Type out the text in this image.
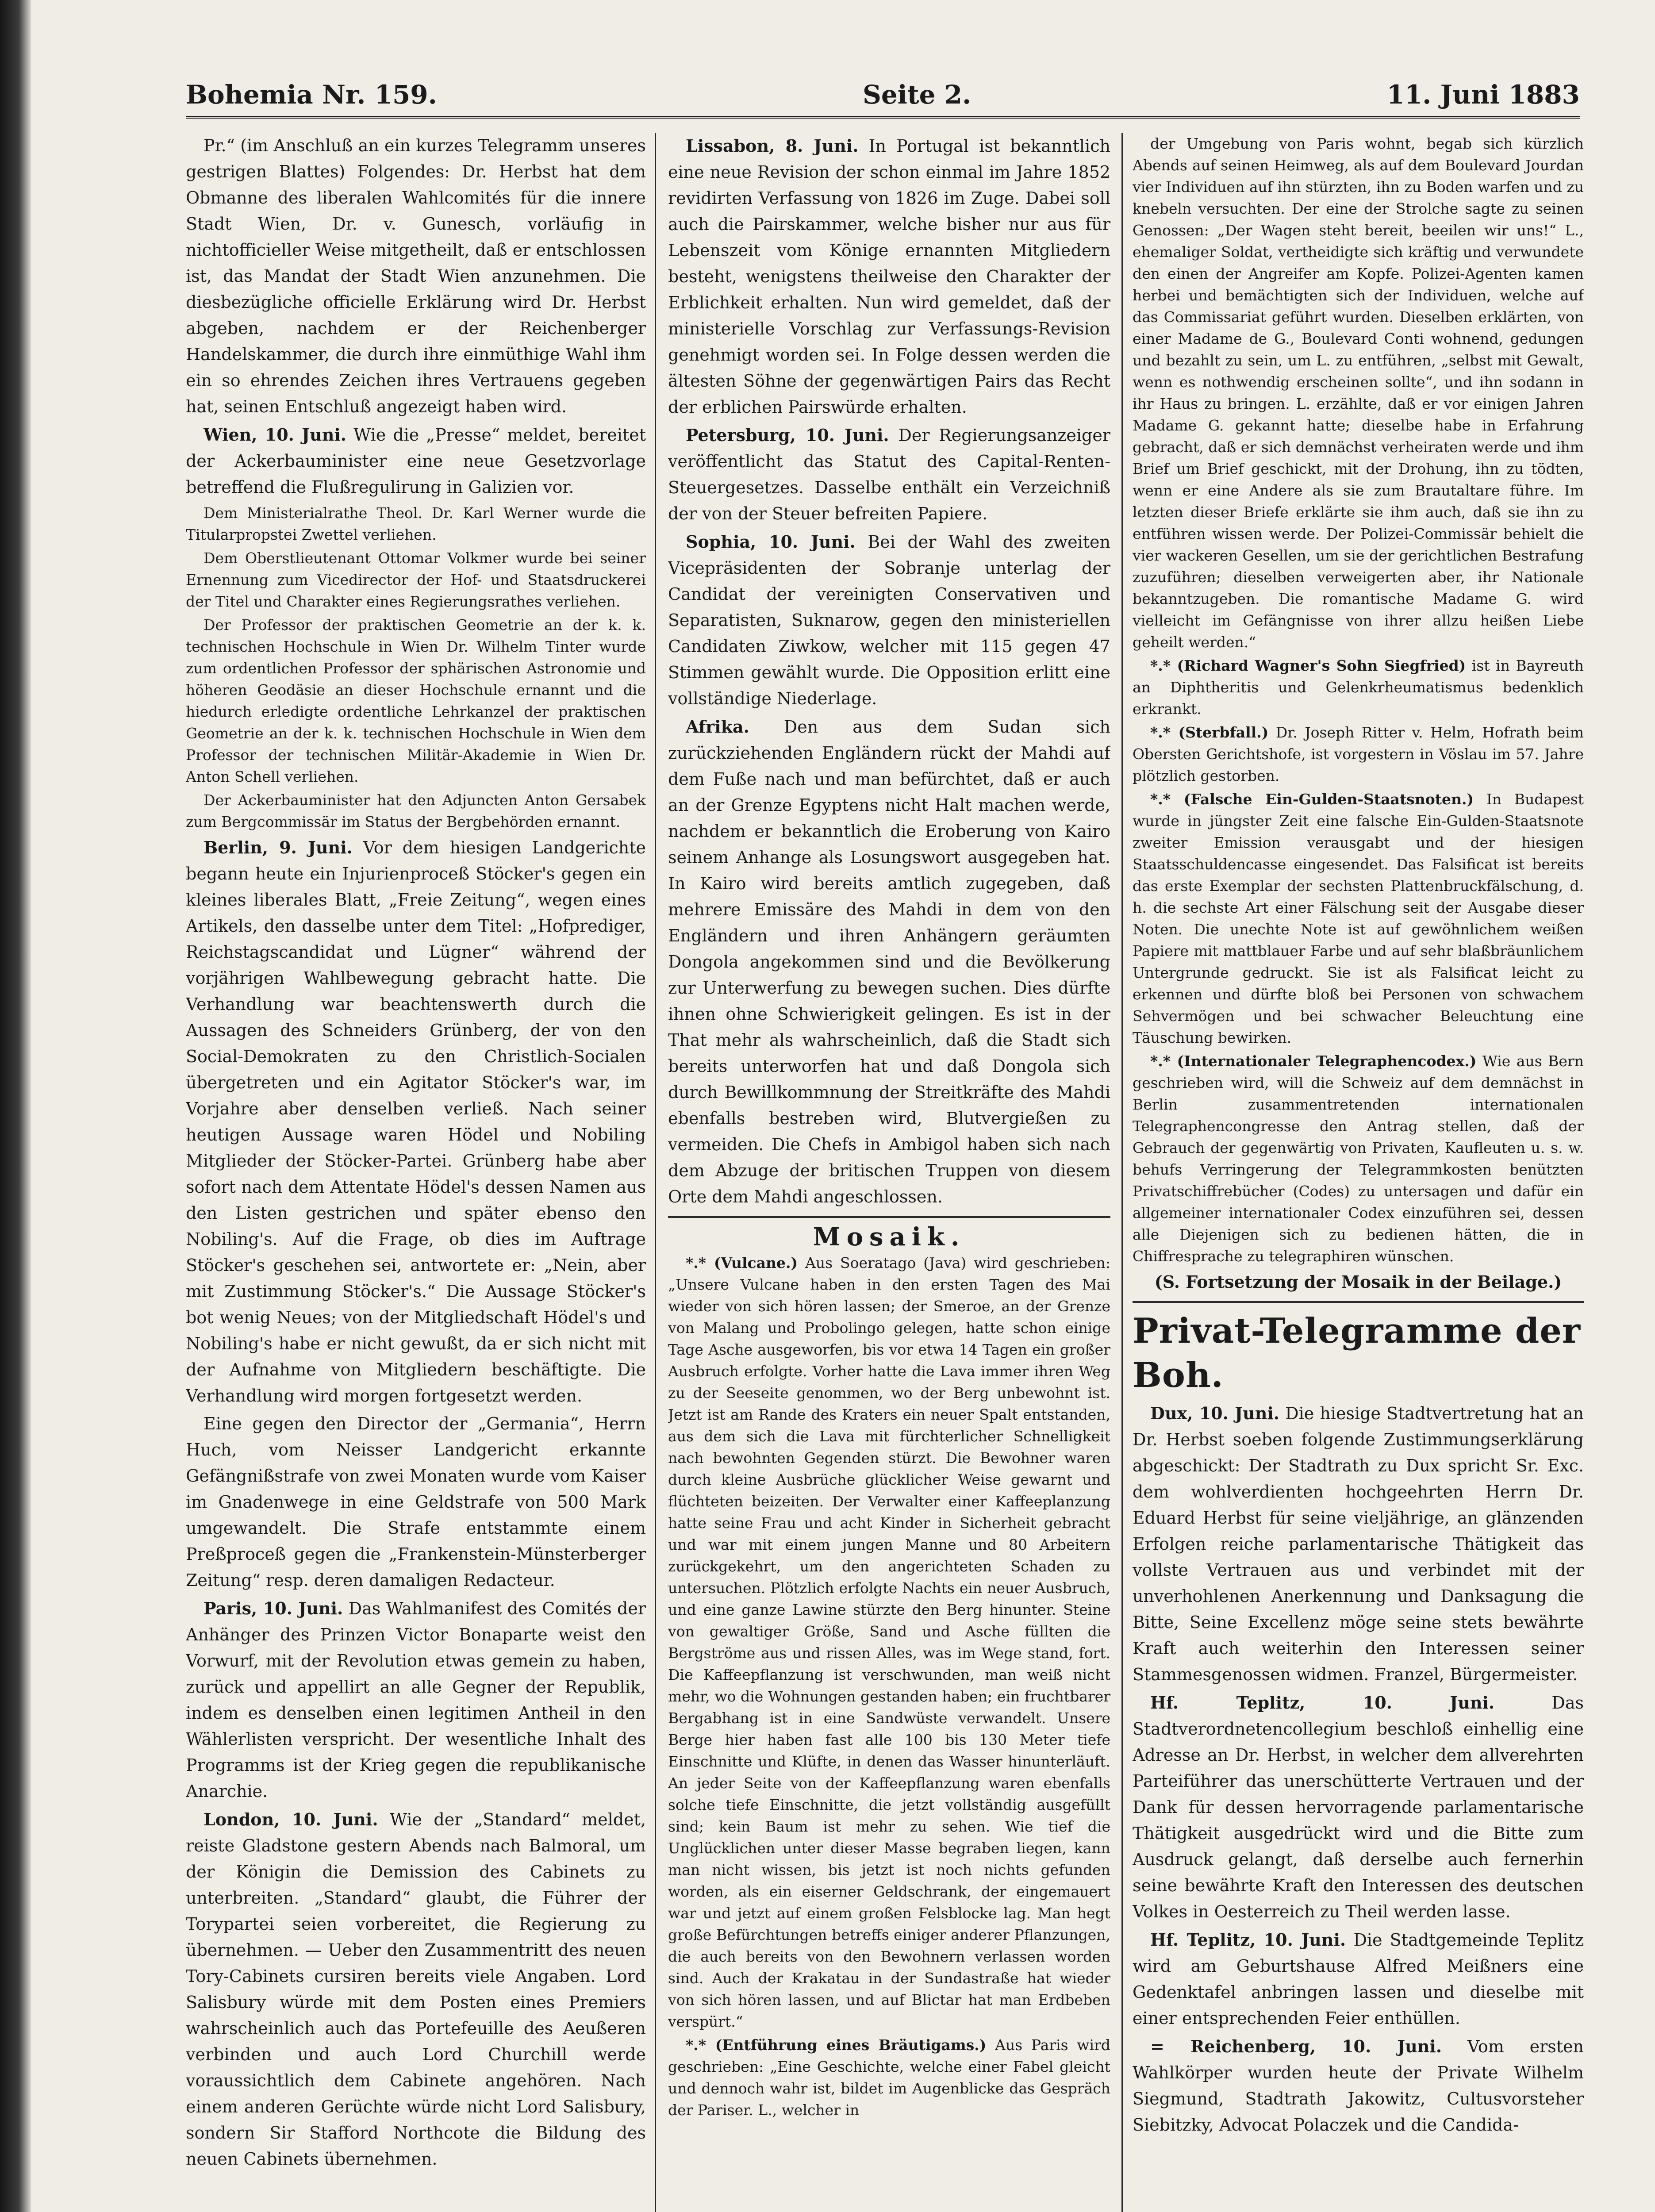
Bohemia Nr. 159.	Seite 2.	11. Juni 1883

Pr.“ (im Anschluß an ein kurzes Telegramm unseres gestrigen Blattes) Folgendes: Dr. Herbst hat dem Obmanne des liberalen Wahlcomités für die innere Stadt Wien, Dr. v. Gunesch, vorläufig in nichtofficieller Weise mitgetheilt, daß er entschlossen ist, das Mandat der Stadt Wien anzunehmen. Die diesbezügliche officielle Erklärung wird Dr. Herbst abgeben, nachdem er der Reichenberger Handelskammer, die durch ihre einmüthige Wahl ihm ein so ehrendes Zeichen ihres Vertrauens gegeben hat, seinen Entschluß angezeigt haben wird.

Wien, 10. Juni. Wie die „Presse“ meldet, bereitet der Ackerbauminister eine neue Gesetzvorlage betreffend die Flußregulirung in Galizien vor.

Dem Ministerialrathe Theol. Dr. Karl Werner wurde die Titularpropstei Zwettel verliehen.

Dem Oberstlieutenant Ottomar Volkmer wurde bei seiner Ernennung zum Vicedirector der Hof- und Staatsdruckerei der Titel und Charakter eines Regierungsrathes verliehen.

Der Professor der praktischen Geometrie an der k. k. technischen Hochschule in Wien Dr. Wilhelm Tinter wurde zum ordentlichen Professor der sphärischen Astronomie und höheren Geodäsie an dieser Hochschule ernannt und die hiedurch erledigte ordentliche Lehrkanzel der praktischen Geometrie an der k. k. technischen Hochschule in Wien dem Professor der technischen Militär-Akademie in Wien Dr. Anton Schell verliehen.

Der Ackerbauminister hat den Adjuncten Anton Gersabek zum Bergcommissär im Status der Bergbehörden ernannt.

Berlin, 9. Juni. Vor dem hiesigen Landgerichte begann heute ein Injurienproceß Stöcker's gegen ein kleines liberales Blatt, „Freie Zeitung“, wegen eines Artikels, den dasselbe unter dem Titel: „Hofprediger, Reichstagscandidat und Lügner“ während der vorjährigen Wahlbewegung gebracht hatte. Die Verhandlung war beachtenswerth durch die Aussagen des Schneiders Grünberg, der von den Social-Demokraten zu den Christlich-Socialen übergetreten und ein Agitator Stöcker's war, im Vorjahre aber denselben verließ. Nach seiner heutigen Aussage waren Hödel und Nobiling Mitglieder der Stöcker-Partei. Grünberg habe aber sofort nach dem Attentate Hödel's dessen Namen aus den Listen gestrichen und später ebenso den Nobiling's. Auf die Frage, ob dies im Auftrage Stöcker's geschehen sei, antwortete er: „Nein, aber mit Zustimmung Stöcker's.“ Die Aussage Stöcker's bot wenig Neues; von der Mitgliedschaft Hödel's und Nobiling's habe er nicht gewußt, da er sich nicht mit der Aufnahme von Mitgliedern beschäftigte. Die Verhandlung wird morgen fortgesetzt werden.

Eine gegen den Director der „Germania“, Herrn Huch, vom Neisser Landgericht erkannte Gefängnißstrafe von zwei Monaten wurde vom Kaiser im Gnadenwege in eine Geldstrafe von 500 Mark umgewandelt. Die Strafe entstammte einem Preßproceß gegen die „Frankenstein-Münsterberger Zeitung“ resp. deren damaligen Redacteur.

Paris, 10. Juni. Das Wahlmanifest des Comités der Anhänger des Prinzen Victor Bonaparte weist den Vorwurf, mit der Revolution etwas gemein zu haben, zurück und appellirt an alle Gegner der Republik, indem es denselben einen legitimen Antheil in den Wählerlisten verspricht. Der wesentliche Inhalt des Programms ist der Krieg gegen die republikanische Anarchie.

London, 10. Juni. Wie der „Standard“ meldet, reiste Gladstone gestern Abends nach Balmoral, um der Königin die Demission des Cabinets zu unterbreiten. „Standard“ glaubt, die Führer der Torypartei seien vorbereitet, die Regierung zu übernehmen. — Ueber den Zusammentritt des neuen Tory-Cabinets cursiren bereits viele Angaben. Lord Salisbury würde mit dem Posten eines Premiers wahrscheinlich auch das Portefeuille des Aeußeren verbinden und auch Lord Churchill werde voraussichtlich dem Cabinete angehören. Nach einem anderen Gerüchte würde nicht Lord Salisbury, sondern Sir Stafford Northcote die Bildung des neuen Cabinets übernehmen.

Lissabon, 8. Juni. In Portugal ist bekanntlich eine neue Revision der schon einmal im Jahre 1852 revidirten Verfassung von 1826 im Zuge. Dabei soll auch die Pairskammer, welche bisher nur aus für Lebenszeit vom Könige ernannten Mitgliedern besteht, wenigstens theilweise den Charakter der Erblichkeit erhalten. Nun wird gemeldet, daß der ministerielle Vorschlag zur Verfassungs-Revision genehmigt worden sei. In Folge dessen werden die ältesten Söhne der gegenwärtigen Pairs das Recht der erblichen Pairswürde erhalten.

Petersburg, 10. Juni. Der Regierungsanzeiger veröffentlicht das Statut des Capital-Renten-Steuergesetzes. Dasselbe enthält ein Verzeichniß der von der Steuer befreiten Papiere.

Sophia, 10. Juni. Bei der Wahl des zweiten Vicepräsidenten der Sobranje unterlag der Candidat der vereinigten Conservativen und Separatisten, Suknarow, gegen den ministeriellen Candidaten Ziwkow, welcher mit 115 gegen 47 Stimmen gewählt wurde. Die Opposition erlitt eine vollständige Niederlage.

Afrika. Den aus dem Sudan sich zurückziehenden Engländern rückt der Mahdi auf dem Fuße nach und man befürchtet, daß er auch an der Grenze Egyptens nicht Halt machen werde, nachdem er bekanntlich die Eroberung von Kairo seinem Anhange als Losungswort ausgegeben hat. In Kairo wird bereits amtlich zugegeben, daß mehrere Emissäre des Mahdi in dem von den Engländern und ihren Anhängern geräumten Dongola angekommen sind und die Bevölkerung zur Unterwerfung zu bewegen suchen. Dies dürfte ihnen ohne Schwierigkeit gelingen. Es ist in der That mehr als wahrscheinlich, daß die Stadt sich bereits unterworfen hat und daß Dongola sich durch Bewillkommnung der Streitkräfte des Mahdi ebenfalls bestreben wird, Blutvergießen zu vermeiden. Die Chefs in Ambigol haben sich nach dem Abzuge der britischen Truppen von diesem Orte dem Mahdi angeschlossen.

Mosaik.

*.* (Vulcane.) Aus Soeratago (Java) wird geschrieben: „Unsere Vulcane haben in den ersten Tagen des Mai wieder von sich hören lassen; der Smeroe, an der Grenze von Malang und Probolingo gelegen, hatte schon einige Tage Asche ausgeworfen, bis vor etwa 14 Tagen ein großer Ausbruch erfolgte. Vorher hatte die Lava immer ihren Weg zu der Seeseite genommen, wo der Berg unbewohnt ist. Jetzt ist am Rande des Kraters ein neuer Spalt entstanden, aus dem sich die Lava mit fürchterlicher Schnelligkeit nach bewohnten Gegenden stürzt. Die Bewohner waren durch kleine Ausbrüche glücklicher Weise gewarnt und flüchteten beizeiten. Der Verwalter einer Kaffeeplanzung hatte seine Frau und acht Kinder in Sicherheit gebracht und war mit einem jungen Manne und 80 Arbeitern zurückgekehrt, um den angerichteten Schaden zu untersuchen. Plötzlich erfolgte Nachts ein neuer Ausbruch, und eine ganze Lawine stürzte den Berg hinunter. Steine von gewaltiger Größe, Sand und Asche füllten die Bergströme aus und rissen Alles, was im Wege stand, fort. Die Kaffeepflanzung ist verschwunden, man weiß nicht mehr, wo die Wohnungen gestanden haben; ein fruchtbarer Bergabhang ist in eine Sandwüste verwandelt. Unsere Berge hier haben fast alle 100 bis 130 Meter tiefe Einschnitte und Klüfte, in denen das Wasser hinunterläuft. An jeder Seite von der Kaffeepflanzung waren ebenfalls solche tiefe Einschnitte, die jetzt vollständig ausgefüllt sind; kein Baum ist mehr zu sehen. Wie tief die Unglücklichen unter dieser Masse begraben liegen, kann man nicht wissen, bis jetzt ist noch nichts gefunden worden, als ein eiserner Geldschrank, der eingemauert war und jetzt auf einem großen Felsblocke lag. Man hegt große Befürchtungen betreffs einiger anderer Pflanzungen, die auch bereits von den Bewohnern verlassen worden sind. Auch der Krakatau in der Sundastraße hat wieder von sich hören lassen, und auf Blictar hat man Erdbeben verspürt.“

*.* (Entführung eines Bräutigams.) Aus Paris wird geschrieben: „Eine Geschichte, welche einer Fabel gleicht und dennoch wahr ist, bildet im Augenblicke das Gespräch der Pariser. L., welcher in

der Umgebung von Paris wohnt, begab sich kürzlich Abends auf seinen Heimweg, als auf dem Boulevard Jourdan vier Individuen auf ihn stürzten, ihn zu Boden warfen und zu knebeln versuchten. Der eine der Strolche sagte zu seinen Genossen: „Der Wagen steht bereit, beeilen wir uns!“ L., ehemaliger Soldat, vertheidigte sich kräftig und verwundete den einen der Angreifer am Kopfe. Polizei-Agenten kamen herbei und bemächtigten sich der Individuen, welche auf das Commissariat geführt wurden. Dieselben erklärten, von einer Madame de G., Boulevard Conti wohnend, gedungen und bezahlt zu sein, um L. zu entführen, „selbst mit Gewalt, wenn es nothwendig erscheinen sollte“, und ihn sodann in ihr Haus zu bringen. L. erzählte, daß er vor einigen Jahren Madame G. gekannt hatte; dieselbe habe in Erfahrung gebracht, daß er sich demnächst verheiraten werde und ihm Brief um Brief geschickt, mit der Drohung, ihn zu tödten, wenn er eine Andere als sie zum Brautaltare führe. Im letzten dieser Briefe erklärte sie ihm auch, daß sie ihn zu entführen wissen werde. Der Polizei-Commissär behielt die vier wackeren Gesellen, um sie der gerichtlichen Bestrafung zuzuführen; dieselben verweigerten aber, ihr Nationale bekanntzugeben. Die romantische Madame G. wird vielleicht im Gefängnisse von ihrer allzu heißen Liebe geheilt werden.“

*.* (Richard Wagner's Sohn Siegfried) ist in Bayreuth an Diphtheritis und Gelenkrheumatismus bedenklich erkrankt.

*.* (Sterbfall.) Dr. Joseph Ritter v. Helm, Hofrath beim Obersten Gerichtshofe, ist vorgestern in Vöslau im 57. Jahre plötzlich gestorben.

*.* (Falsche Ein-Gulden-Staatsnoten.) In Budapest wurde in jüngster Zeit eine falsche Ein-Gulden-Staatsnote zweiter Emission verausgabt und der hiesigen Staatsschuldencasse eingesendet. Das Falsificat ist bereits das erste Exemplar der sechsten Plattenbruckfälschung, d. h. die sechste Art einer Fälschung seit der Ausgabe dieser Noten. Die unechte Note ist auf gewöhnlichem weißen Papiere mit mattblauer Farbe und auf sehr blaßbräunlichem Untergrunde gedruckt. Sie ist als Falsificat leicht zu erkennen und dürfte bloß bei Personen von schwachem Sehvermögen und bei schwacher Beleuchtung eine Täuschung bewirken.

*.* (Internationaler Telegraphencodex.) Wie aus Bern geschrieben wird, will die Schweiz auf dem demnächst in Berlin zusammentretenden internationalen Telegraphencongresse den Antrag stellen, daß der Gebrauch der gegenwärtig von Privaten, Kaufleuten u. s. w. behufs Verringerung der Telegrammkosten benützten Privatschiffrebücher (Codes) zu untersagen und dafür ein allgemeiner internationaler Codex einzuführen sei, dessen alle Diejenigen sich zu bedienen hätten, die in Chiffresprache zu telegraphiren wünschen.

(S. Fortsetzung der Mosaik in der Beilage.)

Privat-Telegramme der Boh.

Dux, 10. Juni. Die hiesige Stadtvertretung hat an Dr. Herbst soeben folgende Zustimmungserklärung abgeschickt: Der Stadtrath zu Dux spricht Sr. Exc. dem wohlverdienten hochgeehrten Herrn Dr. Eduard Herbst für seine vieljährige, an glänzenden Erfolgen reiche parlamentarische Thätigkeit das vollste Vertrauen aus und verbindet mit der unverhohlenen Anerkennung und Danksagung die Bitte, Seine Excellenz möge seine stets bewährte Kraft auch weiterhin den Interessen seiner Stammesgenossen widmen. Franzel, Bürgermeister.

Hf. Teplitz, 10. Juni.	Das Stadtverordnetencollegium beschloß einhellig eine Adresse an Dr. Herbst, in welcher dem allverehrten Parteiführer das unerschütterte Vertrauen und der Dank für dessen hervorragende parlamentarische Thätigkeit ausgedrückt wird und die Bitte zum Ausdruck gelangt, daß derselbe auch fernerhin seine bewährte Kraft den Interessen des deutschen Volkes in Oesterreich zu Theil werden lasse.

Hf. Teplitz, 10. Juni. Die Stadtgemeinde Teplitz wird am Geburtshause Alfred Meißners eine Gedenktafel anbringen lassen und dieselbe mit einer entsprechenden Feier enthüllen.

= Reichenberg, 10. Juni. Vom ersten Wahlkörper wurden heute der Private Wilhelm Siegmund, Stadtrath Jakowitz, Cultusvorsteher Siebitzky, Advocat Polaczek und die Candida-
